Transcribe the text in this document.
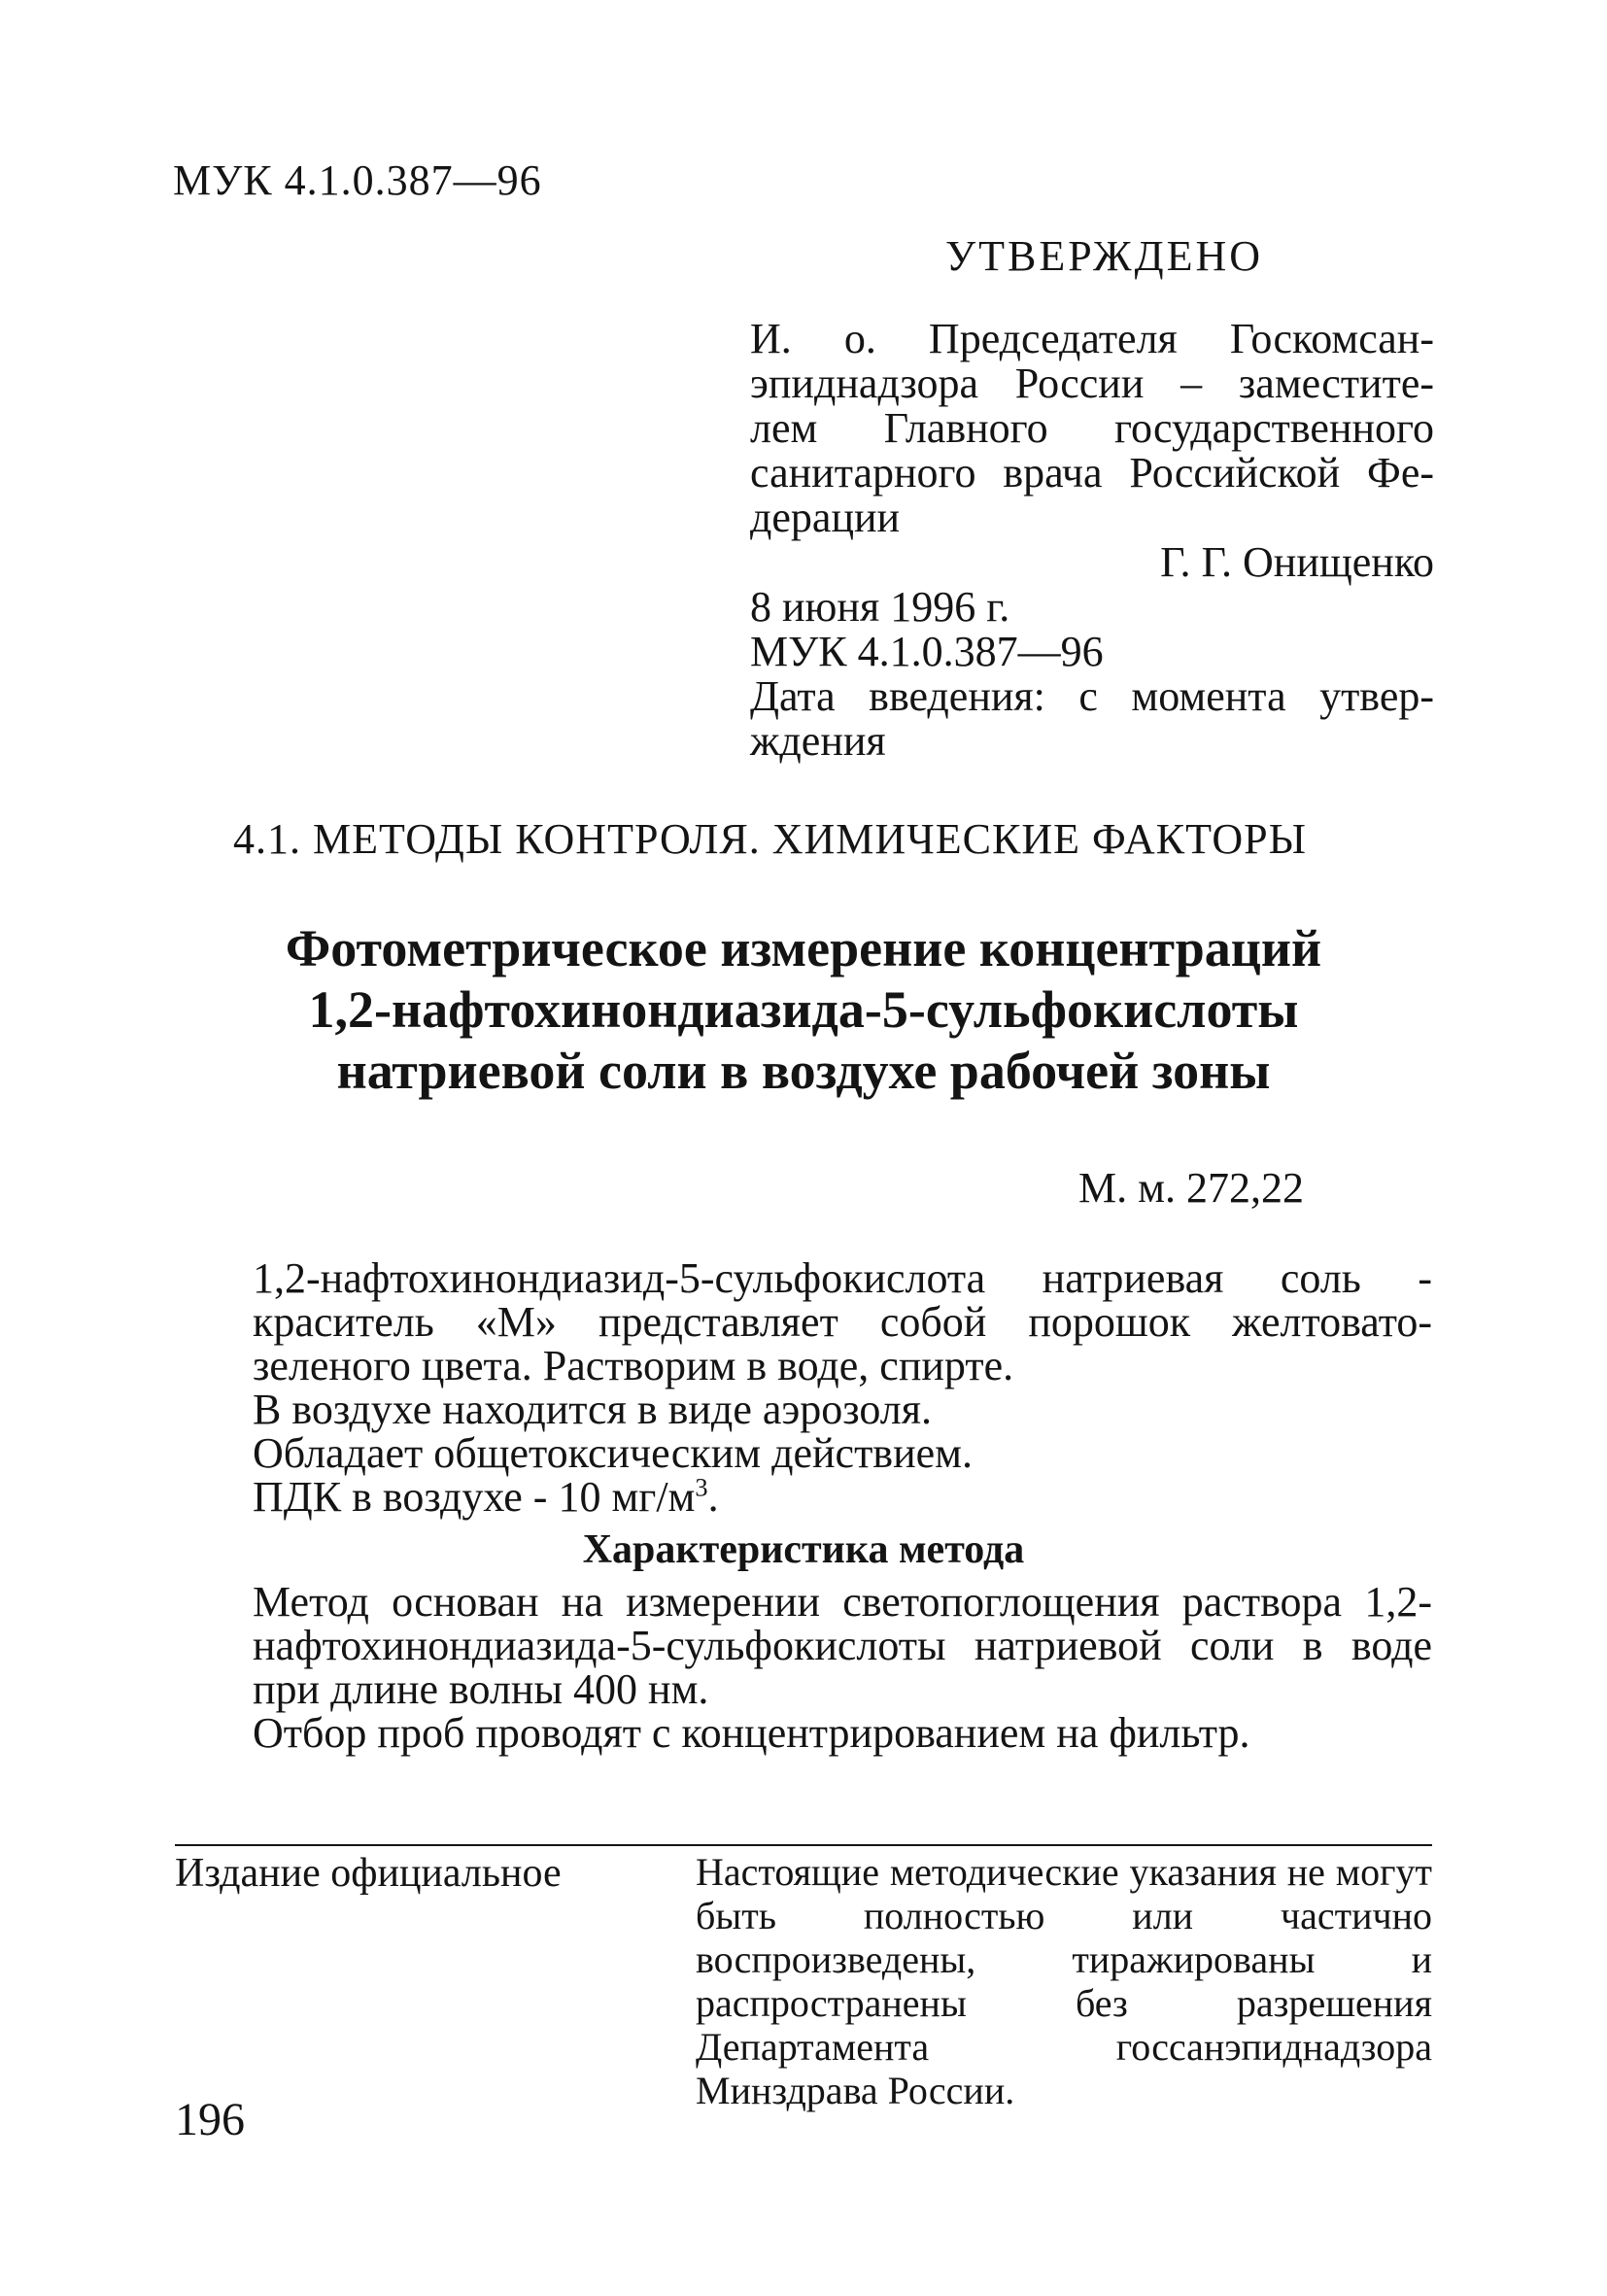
МУК 4.1.0.387—96
УТВЕРЖДЕНО
И. о. Председателя Госкомсан-
эпиднадзора России – заместите-
лем Главного государственного
санитарного врача Российской Фе-
дерации
Г. Г. Онищенко
8 июня 1996 г.
МУК 4.1.0.387—96
Дата введения: с момента утвер-
ждения
4.1. МЕТОДЫ КОНТРОЛЯ. ХИМИЧЕСКИЕ ФАКТОРЫ
Фотометрическое измерение концентраций
1,2-нафтохинондиазида-5-сульфокислоты
натриевой соли в воздухе рабочей зоны
М. м. 272,22
1,2-нафтохинондиазид-5-сульфокислота натриевая соль - краситель «М» представляет собой порошок желтовато-зеленого цвета. Растворим в воде, спирте.
В воздухе находится в виде аэрозоля.
Обладает общетоксическим действием.
ПДК в воздухе - 10 $мг/м^3$.
Характеристика метода
Метод основан на измерении светопоглощения раствора 1,2-нафтохинондиазида-5-сульфокислоты натриевой соли в воде при длине волны 400 нм.
Отбор проб проводят с концентрированием на фильтр.
Издание официальное	Настоящие методические указания не могут быть полностью или частично воспроизведены, тиражированы и распространены без разрешения Департамента госсанэпиднадзора Минздрава России.
196
